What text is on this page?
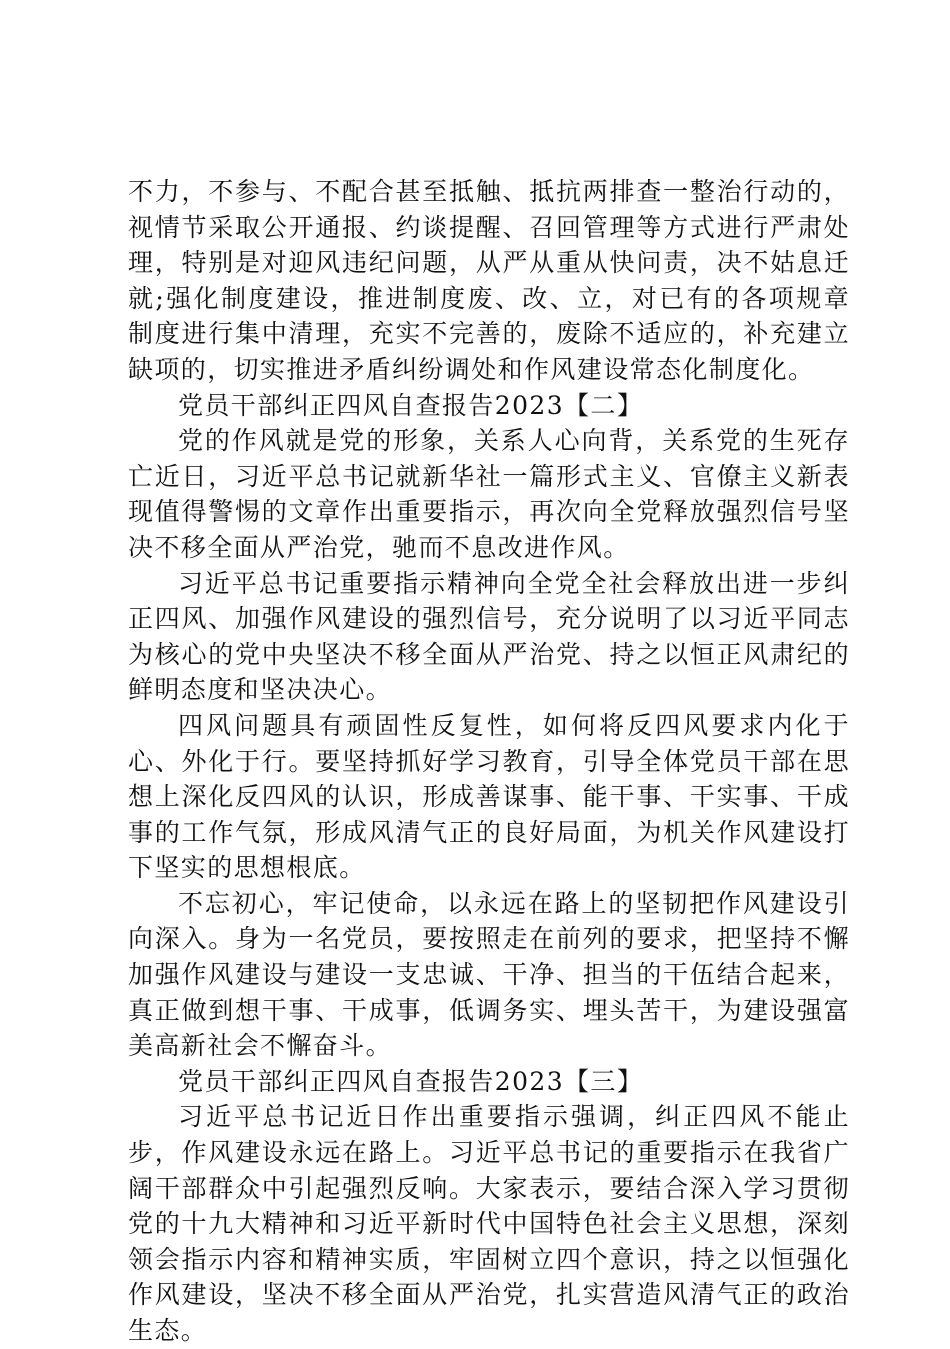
不力，不参与、不配合甚至抵触、抵抗两排查一整治行动的，视情节采取公开通报、约谈提醒、召回管理等方式进行严肃处理，特别是对迎风违纪问题，从严从重从快问责，决不姑息迁就;强化制度建设，推进制度废、改、立，对已有的各项规章制度进行集中清理，充实不完善的，废除不适应的，补充建立缺项的，切实推进矛盾纠纷调处和作风建设常态化制度化。

党员干部纠正四风自查报告2023【二】

党的作风就是党的形象，关系人心向背，关系党的生死存亡近日，习近平总书记就新华社一篇形式主义、官僚主义新表现值得警惕的文章作出重要指示，再次向全党释放强烈信号坚决不移全面从严治党，驰而不息改进作风。

习近平总书记重要指示精神向全党全社会释放出进一步纠正四风、加强作风建设的强烈信号，充分说明了以习近平同志为核心的党中央坚决不移全面从严治党、持之以恒正风肃纪的鲜明态度和坚决决心。

四风问题具有顽固性反复性，如何将反四风要求内化于心、外化于行。要坚持抓好学习教育，引导全体党员干部在思想上深化反四风的认识，形成善谋事、能干事、干实事、干成事的工作气氛，形成风清气正的良好局面，为机关作风建设打下坚实的思想根底。

不忘初心，牢记使命，以永远在路上的坚韧把作风建设引向深入。身为一名党员，要按照走在前列的要求，把坚持不懈加强作风建设与建设一支忠诚、干净、担当的干伍结合起来，真正做到想干事、干成事，低调务实、埋头苦干，为建设强富美高新社会不懈奋斗。

党员干部纠正四风自查报告2023【三】

习近平总书记近日作出重要指示强调，纠正四风不能止步，作风建设永远在路上。习近平总书记的重要指示在我省广阔干部群众中引起强烈反响。大家表示，要结合深入学习贯彻党的十九大精神和习近平新时代中国特色社会主义思想，深刻领会指示内容和精神实质，牢固树立四个意识，持之以恒强化作风建设，坚决不移全面从严治党，扎实营造风清气正的政治生态。
